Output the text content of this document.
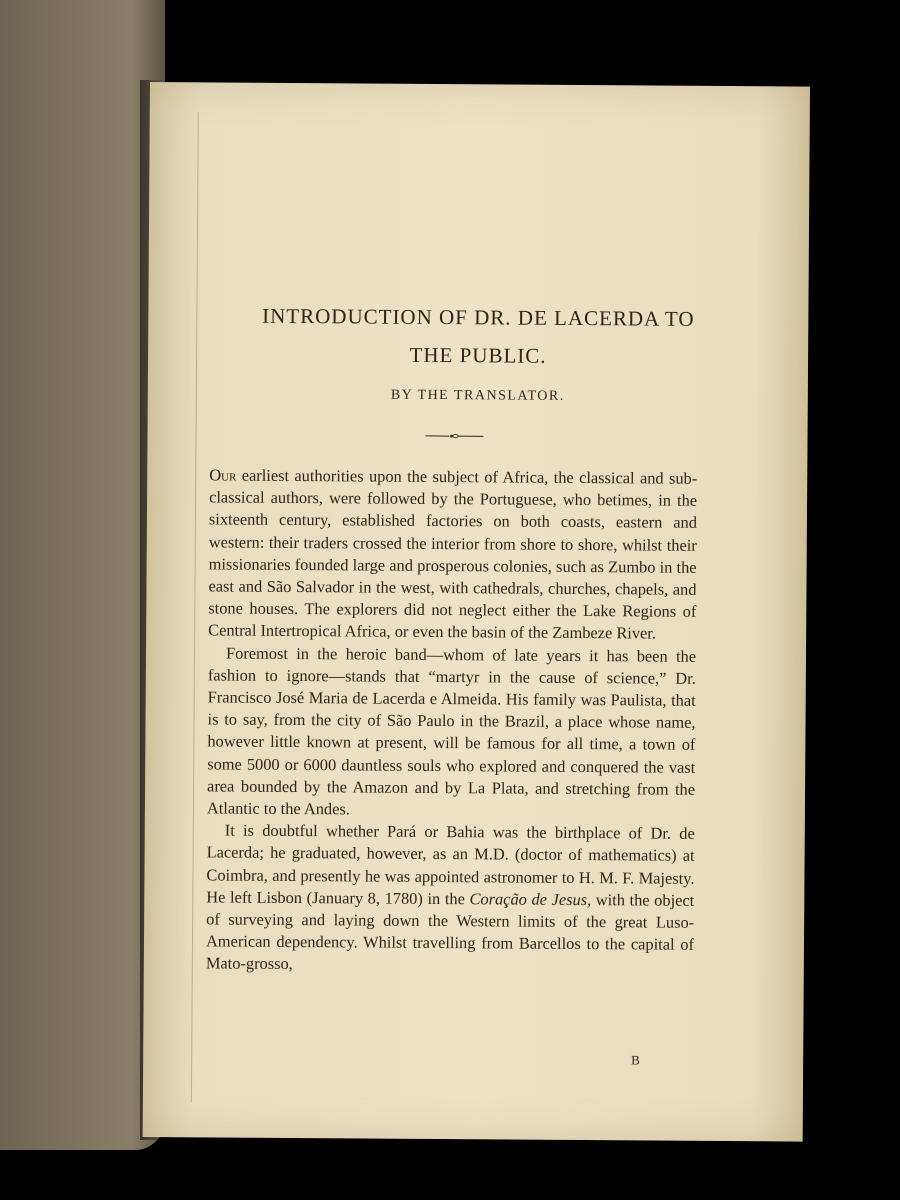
INTRODUCTION OF DR. DE LACERDA TO
THE PUBLIC.

BY THE TRANSLATOR.

Our earliest authorities upon the subject of Africa, the classical and sub-classical authors, were followed by the Portuguese, who betimes, in the sixteenth century, established factories on both coasts, eastern and western: their traders crossed the interior from shore to shore, whilst their missionaries founded large and prosperous colonies, such as Zumbo in the east and São Salvador in the west, with cathedrals, churches, chapels, and stone houses. The explorers did not neglect either the Lake Regions of Central Intertropical Africa, or even the basin of the Zambeze River.

Foremost in the heroic band—whom of late years it has been the fashion to ignore—stands that “martyr in the cause of science,” Dr. Francisco José Maria de Lacerda e Almeida. His family was Paulista, that is to say, from the city of São Paulo in the Brazil, a place whose name, however little known at present, will be famous for all time, a town of some 5000 or 6000 dauntless souls who explored and conquered the vast area bounded by the Amazon and by La Plata, and stretching from the Atlantic to the Andes.

It is doubtful whether Pará or Bahia was the birthplace of Dr. de Lacerda; he graduated, however, as an M.D. (doctor of mathematics) at Coimbra, and presently he was appointed astronomer to H. M. F. Majesty. He left Lisbon (January 8, 1780) in the Coração de Jesus, with the object of surveying and laying down the Western limits of the great Luso-American dependency. Whilst travelling from Barcellos to the capital of Mato-grosso,

B
